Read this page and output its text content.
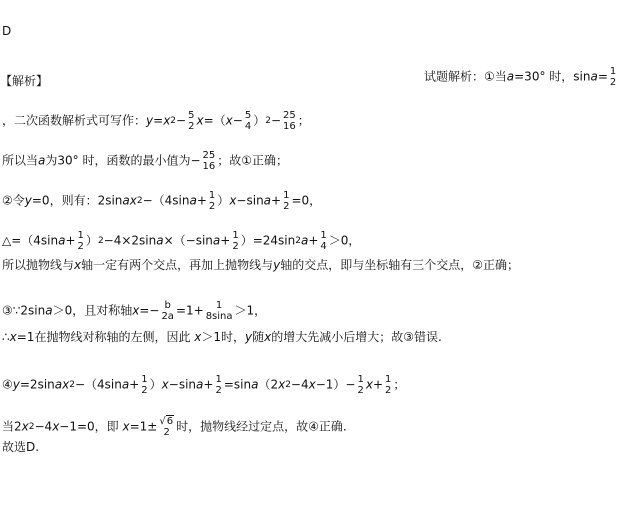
D
【解析】	试题解析：①当a=30° 时，sina= 1
2
，二次函数解析式可写作：y=x2− 5
2 x=（x− 5
4 ）2− 25
16 ；
所以当a为30° 时，函数的最小值为− 25
16 ；故①正确；
②令y=0，则有：2sinax2−（4sina+ 1
2 ）x−sina+ 1
2 =0，
△=（4sina+ 1
2 ）2−4×2sina×（−sina+ 1
2 ）=24sin2a+ 1
4 ＞0，
所以抛物线与x轴一定有两个交点，再加上抛物线与y轴的交点，即与坐标轴有三个交点，②正确；
③∵2sina＞0，且对称轴x=− b
2a =1+ 1
8sina ＞1，
∴x=1在抛物线对称轴的左侧，因此 x＞1时，y随x的增大先减小后增大；故③错误.
④y=2sinax2−（4sina+ 1
2 ）x−sina+ 1
2 =sina（2x2−4x−1）− 1
2 x+ 1
2 ；
当2x2−4x−1=0，即 x=1± √6
2 时，抛物线经过定点，故④正确.
故选D.
